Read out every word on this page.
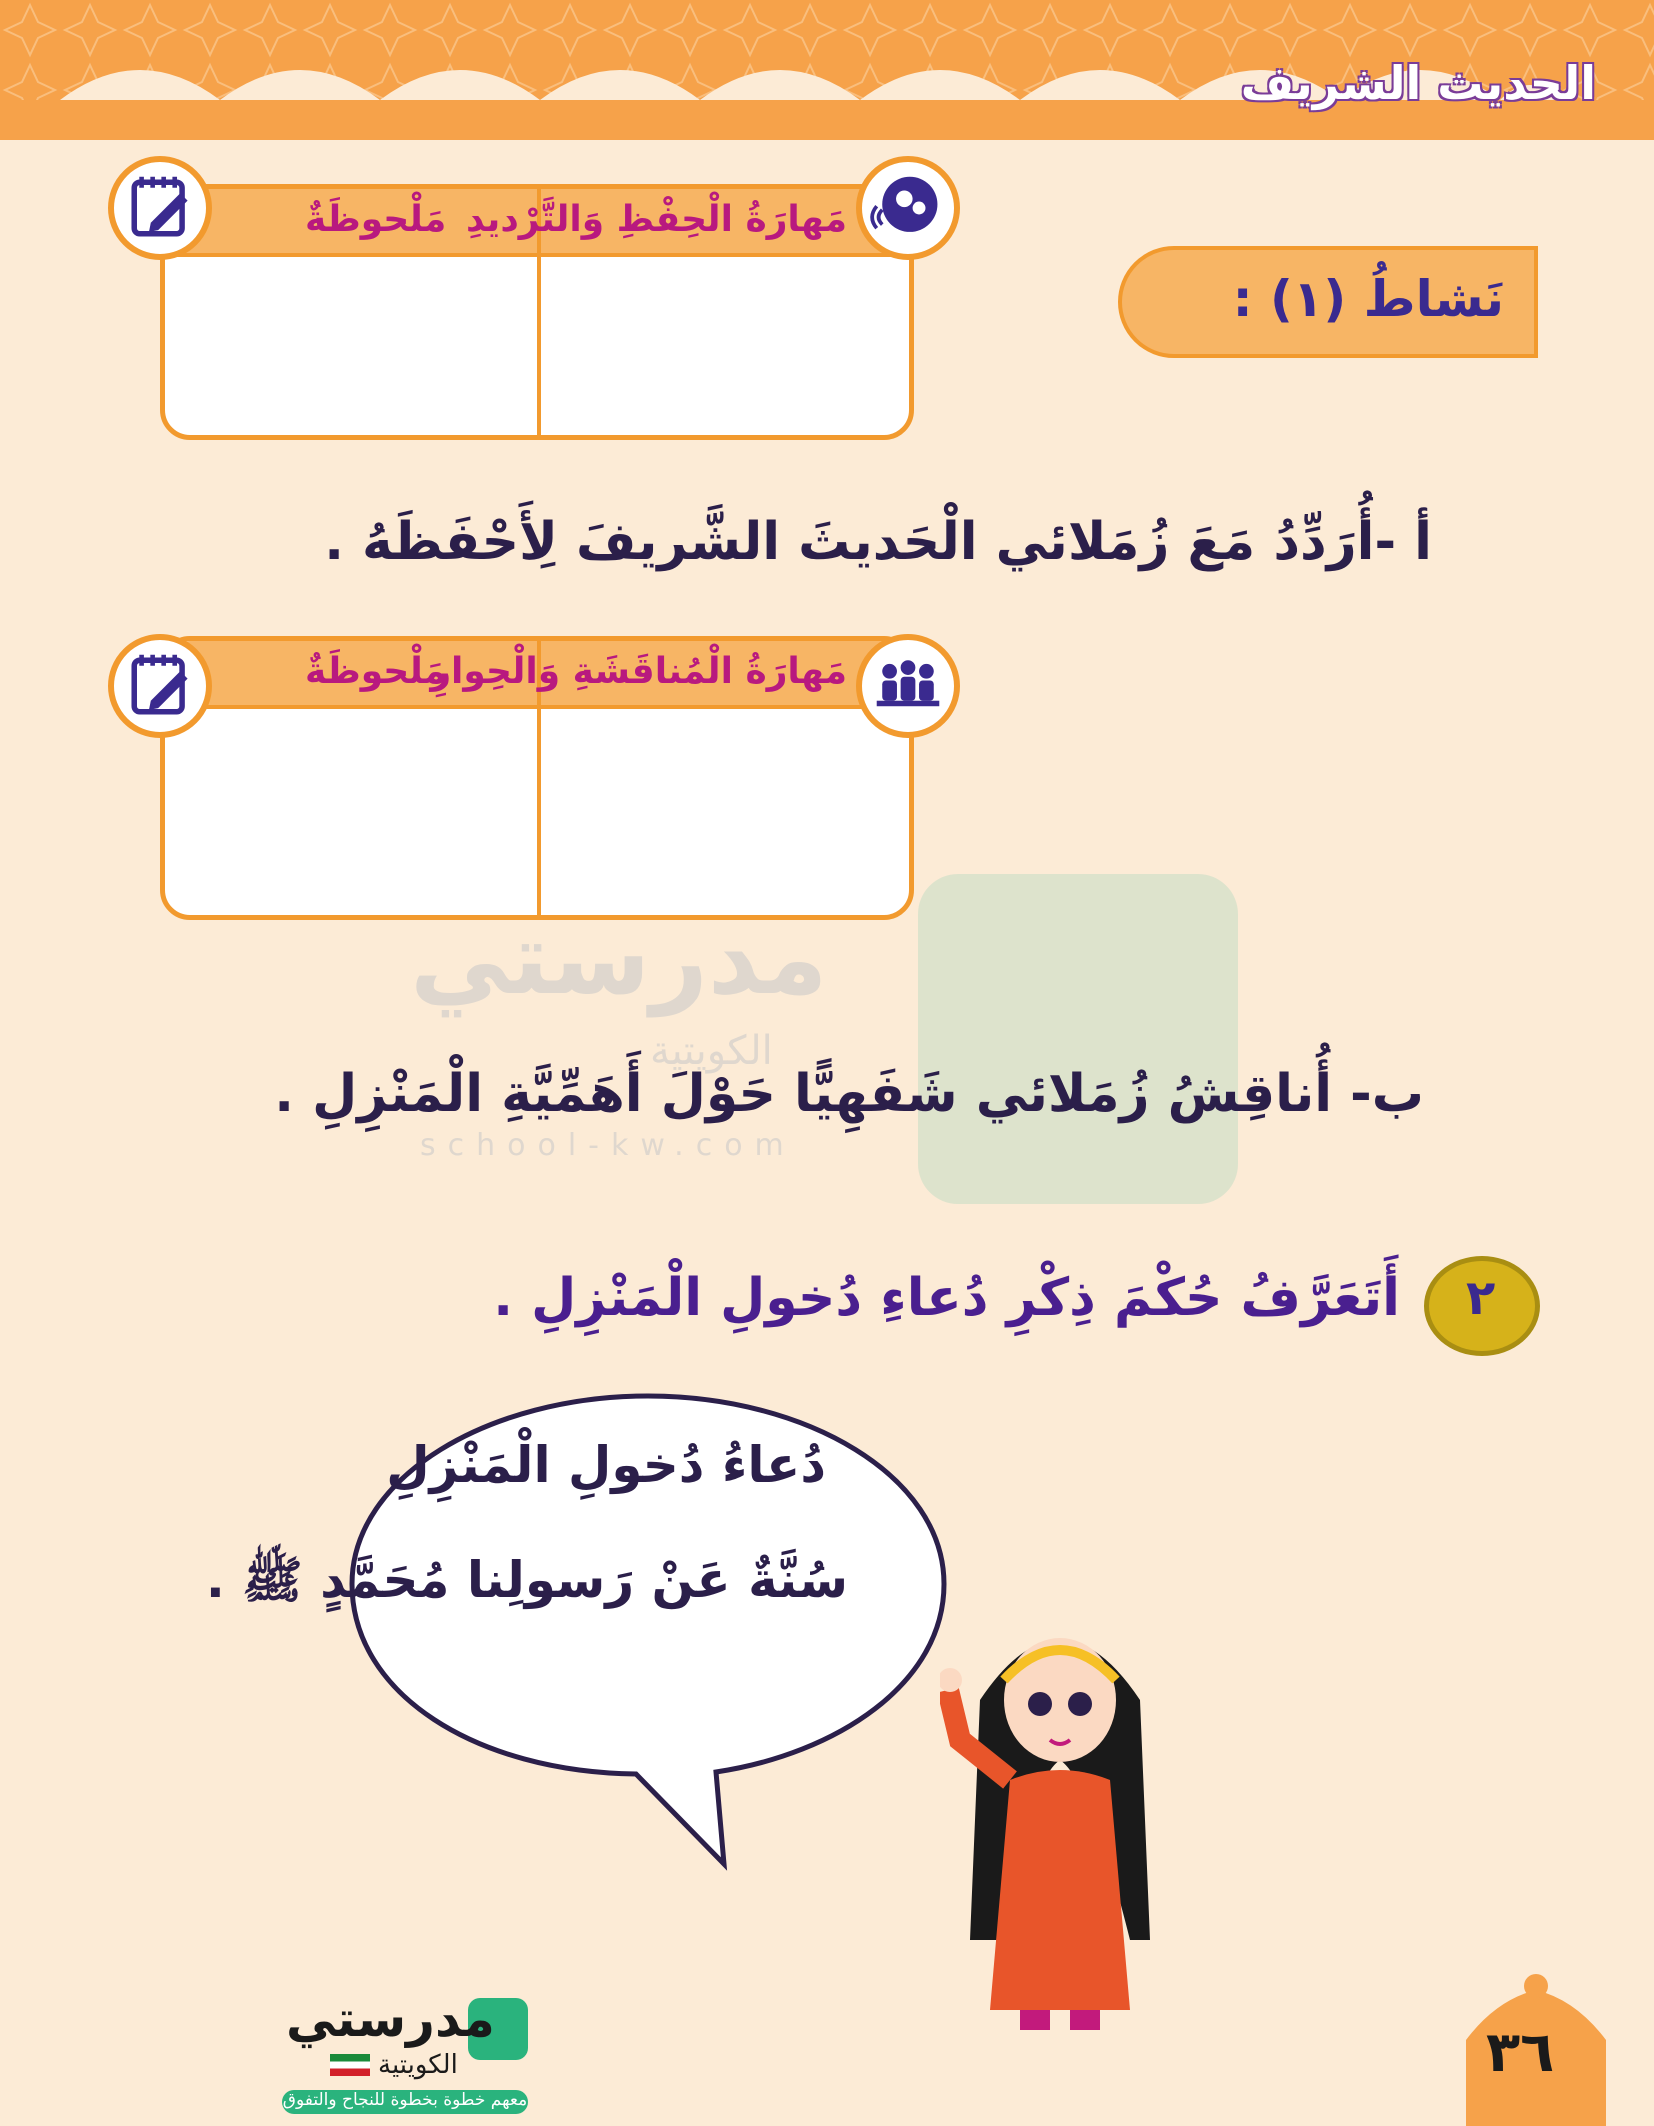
الحديث الشريف
مَهارَةُ الْحِفْظِ وَالتَّرْديدِ
مَلْحوظَةٌ
نَشاطُ (١) :
أ -أُرَدِّدُ مَعَ زُمَلائي الْحَديثَ الشَّريفَ لِأَحْفَظَهُ .
مَهارَةُ الْمُناقَشَةِ وَالْحِوارِ
مَلْحوظَةٌ
مدرستي
الكويتية
school-kw.com
ب- أُناقِشُ زُمَلائي شَفَهِيًّا حَوْلَ أَهَمِّيَّةِ الْمَنْزِلِ .
٢
أَتَعَرَّفُ حُكْمَ ذِكْرِ دُعاءِ دُخولِ الْمَنْزِلِ .
دُعاءُ دُخولِ الْمَنْزِلِ
سُنَّةٌ عَنْ رَسولِنا مُحَمَّدٍ ﷺ .
مدرستي
الكويتية
معهم خطوة بخطوة للنجاح والتفوق
٣٦
